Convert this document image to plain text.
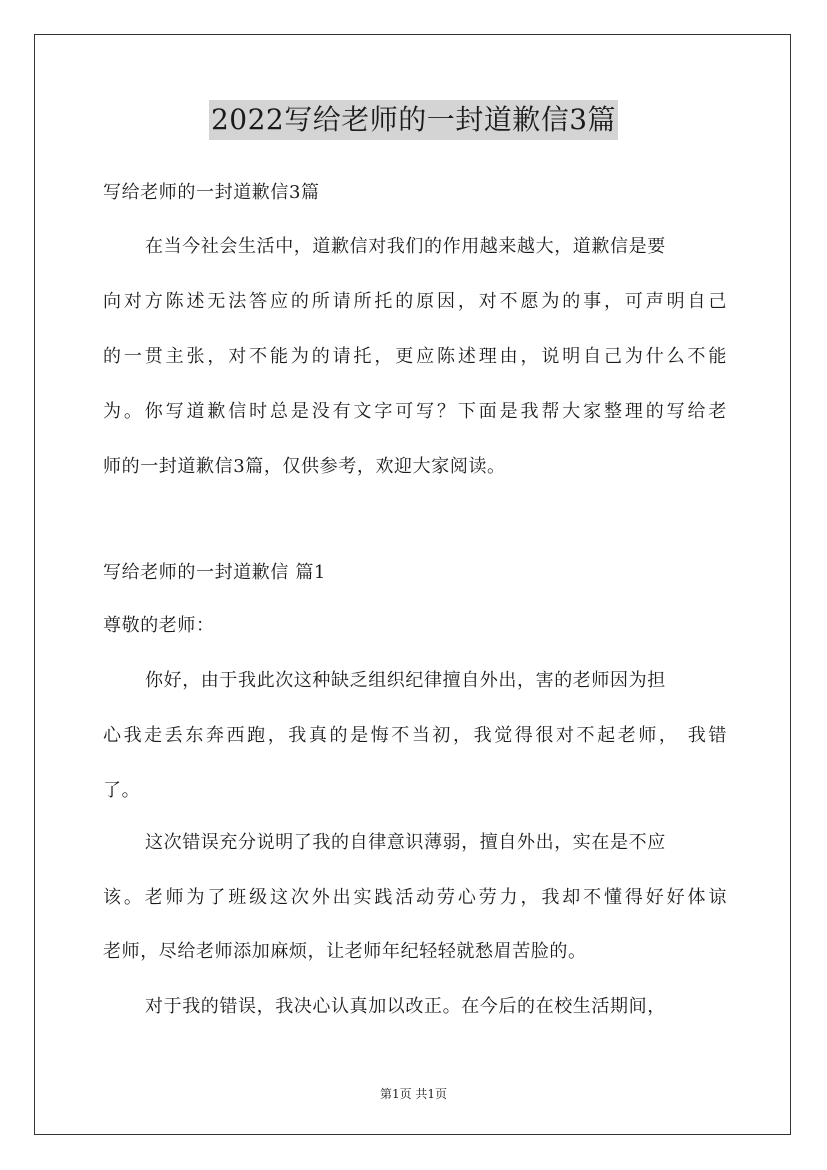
2022写给老师的一封道歉信3篇
写给老师的一封道歉信3篇
在当今社会生活中，道歉信对我们的作用越来越大，道歉信是要
向对方陈述无法答应的所请所托的原因，对不愿为的事，可声明自己
的一贯主张，对不能为的请托，更应陈述理由，说明自己为什么不能
为。你写道歉信时总是没有文字可写？下面是我帮大家整理的写给老
师的一封道歉信3篇，仅供参考，欢迎大家阅读。
写给老师的一封道歉信 篇1
尊敬的老师：
你好，由于我此次这种缺乏组织纪律擅自外出，害的老师因为担
心我走丢东奔西跑，我真的是悔不当初，我觉得很对不起老师， 我错
了。
这次错误充分说明了我的自律意识薄弱，擅自外出，实在是不应
该。老师为了班级这次外出实践活动劳心劳力，我却不懂得好好体谅
老师，尽给老师添加麻烦，让老师年纪轻轻就愁眉苦脸的。
对于我的错误，我决心认真加以改正。在今后的在校生活期间，
第1页 共1页
